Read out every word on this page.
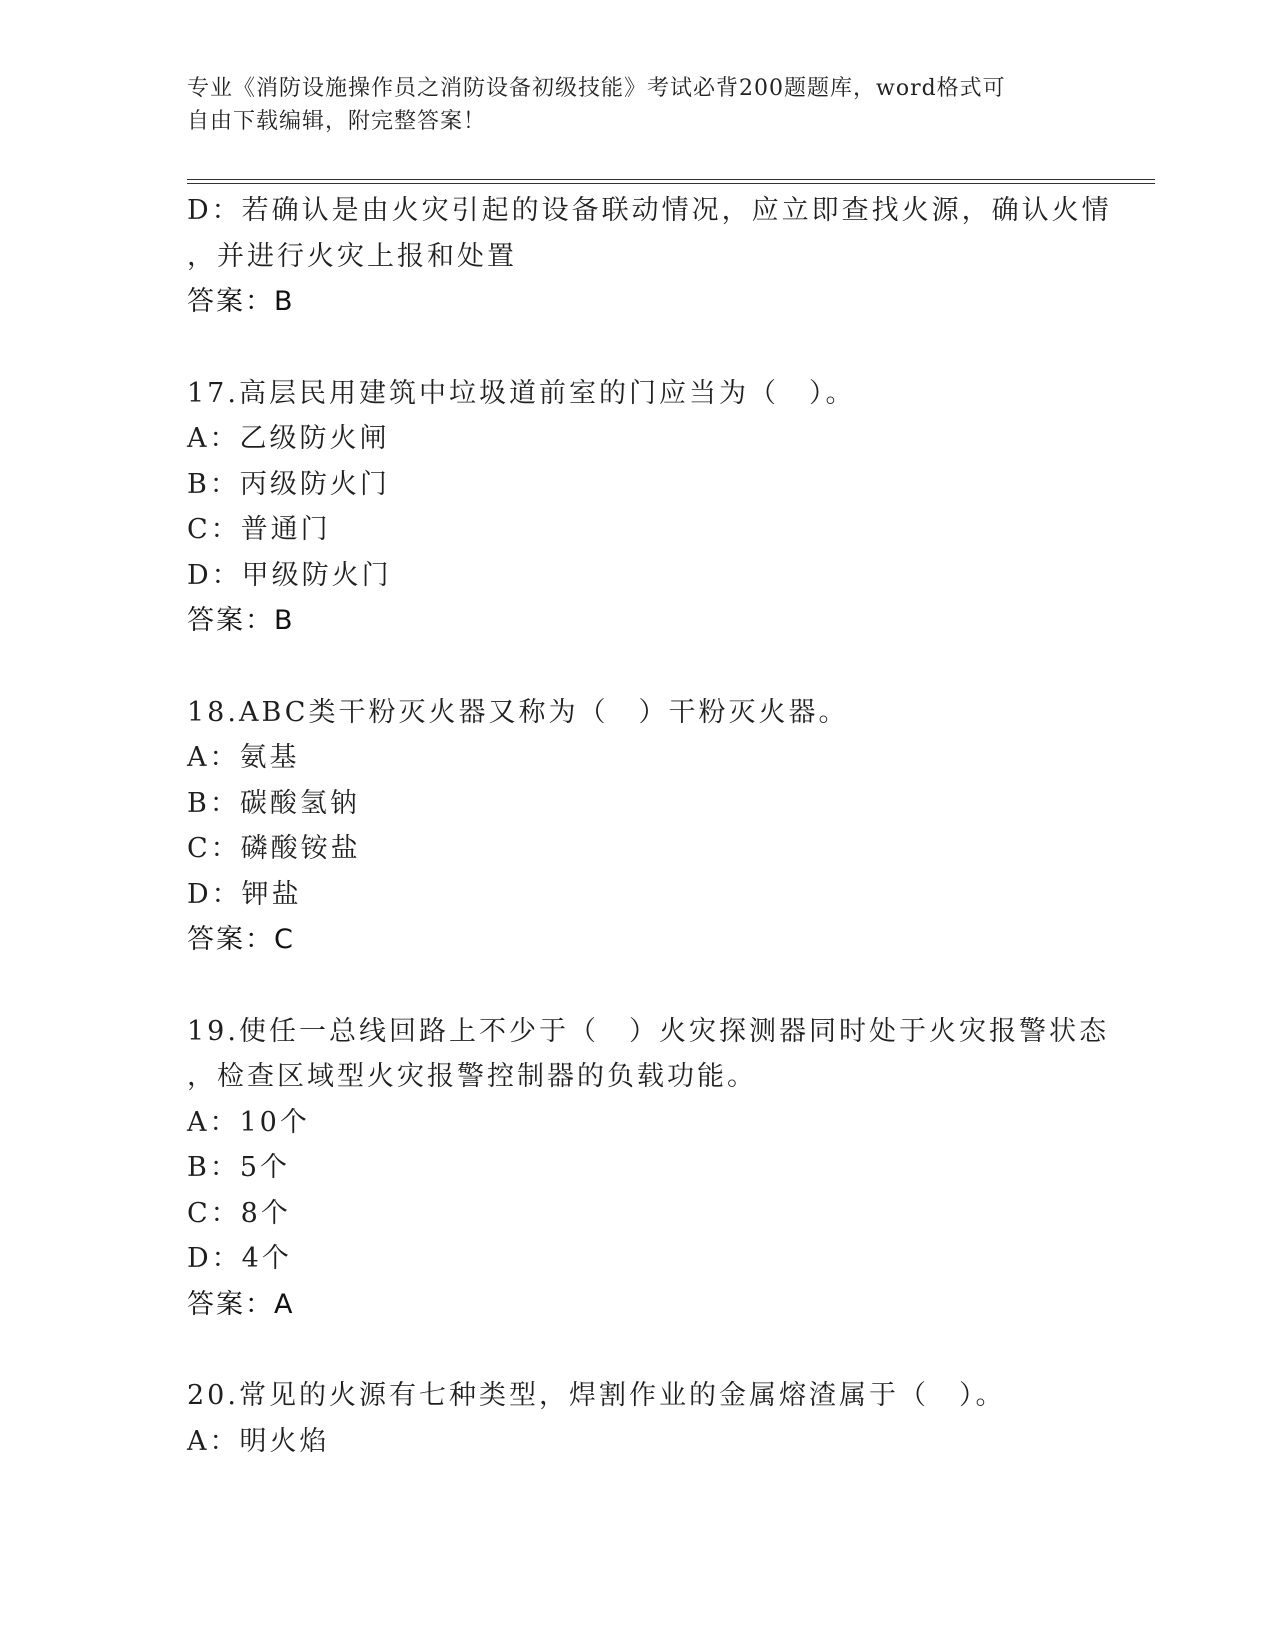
专业《消防设施操作员之消防设备初级技能》考试必背200题题库，word格式可
自由下载编辑，附完整答案！
D：若确认是由火灾引起的设备联动情况，应立即查找火源，确认火情
，并进行火灾上报和处置
答案：B
17.高层民用建筑中垃圾道前室的门应当为（　）。
A：乙级防火闸
B：丙级防火门
C：普通门
D：甲级防火门
答案：B
18.ABC类干粉灭火器又称为（　）干粉灭火器。
A：氨基
B：碳酸氢钠
C：磷酸铵盐
D：钾盐
答案：C
19.使任一总线回路上不少于（　）火灾探测器同时处于火灾报警状态
，检查区域型火灾报警控制器的负载功能。
A：10个
B：5个
C：8个
D：4个
答案：A
20.常见的火源有七种类型，焊割作业的金属熔渣属于（　）。
A：明火焰
